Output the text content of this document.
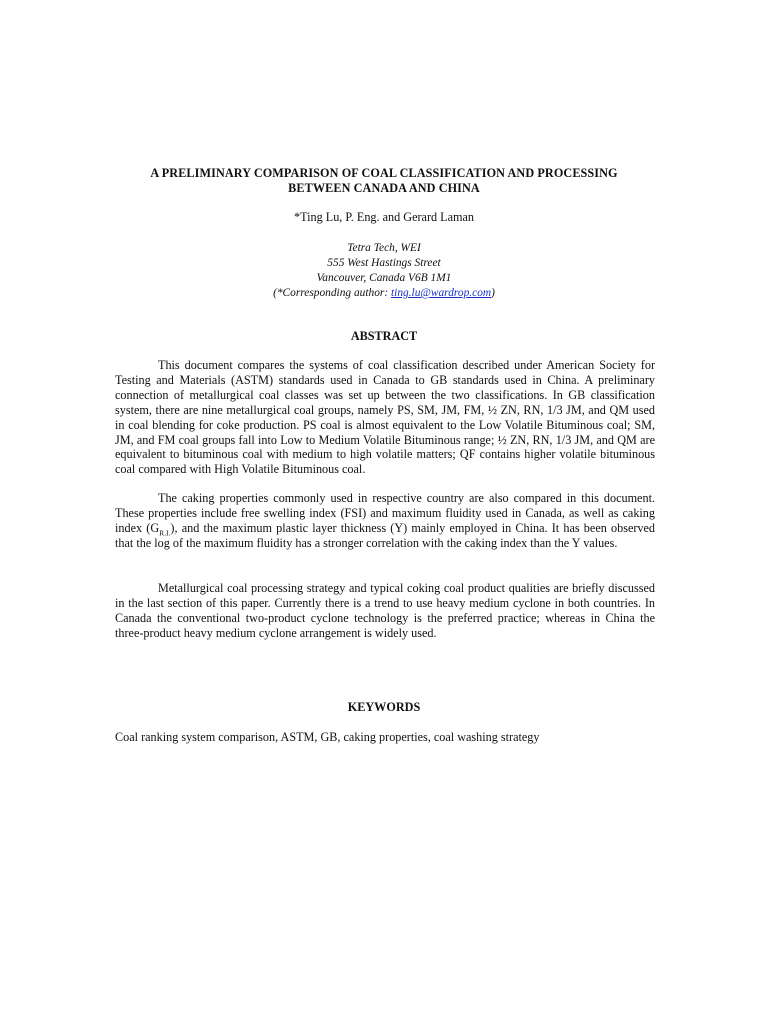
A PRELIMINARY COMPARISON OF COAL CLASSIFICATION AND PROCESSING
BETWEEN CANADA AND CHINA
*Ting Lu, P. Eng. and Gerard Laman
Tetra Tech, WEI
555 West Hastings Street
Vancouver, Canada V6B 1M1
(*Corresponding author: ting.lu@wardrop.com)
ABSTRACT

This document compares the systems of coal classification described under American Society for Testing and Materials (ASTM) standards used in Canada to GB standards used in China. A preliminary connection of metallurgical coal classes was set up between the two classifications. In GB classification system, there are nine metallurgical coal groups, namely PS, SM, JM, FM, ½ ZN, RN, 1/3 JM, and QM used in coal blending for coke production. PS coal is almost equivalent to the Low Volatile Bituminous coal; SM, JM, and FM coal groups fall into Low to Medium Volatile Bituminous range; ½ ZN, RN, 1/3 JM, and QM are equivalent to bituminous coal with medium to high volatile matters; QF contains higher volatile bituminous coal compared with High Volatile Bituminous coal.

The caking properties commonly used in respective country are also compared in this document. These properties include free swelling index (FSI) and maximum fluidity used in Canada, as well as caking index $(G_{R.I.})$, and the maximum plastic layer thickness (Y) mainly employed in China. It has been observed that the log of the maximum fluidity has a stronger correlation with the caking index than the Y values.

Metallurgical coal processing strategy and typical coking coal product qualities are briefly discussed in the last section of this paper. Currently there is a trend to use heavy medium cyclone in both countries. In Canada the conventional two-product cyclone technology is the preferred practice; whereas in China the three-product heavy medium cyclone arrangement is widely used.

KEYWORDS
Coal ranking system comparison, ASTM, GB, caking properties, coal washing strategy
